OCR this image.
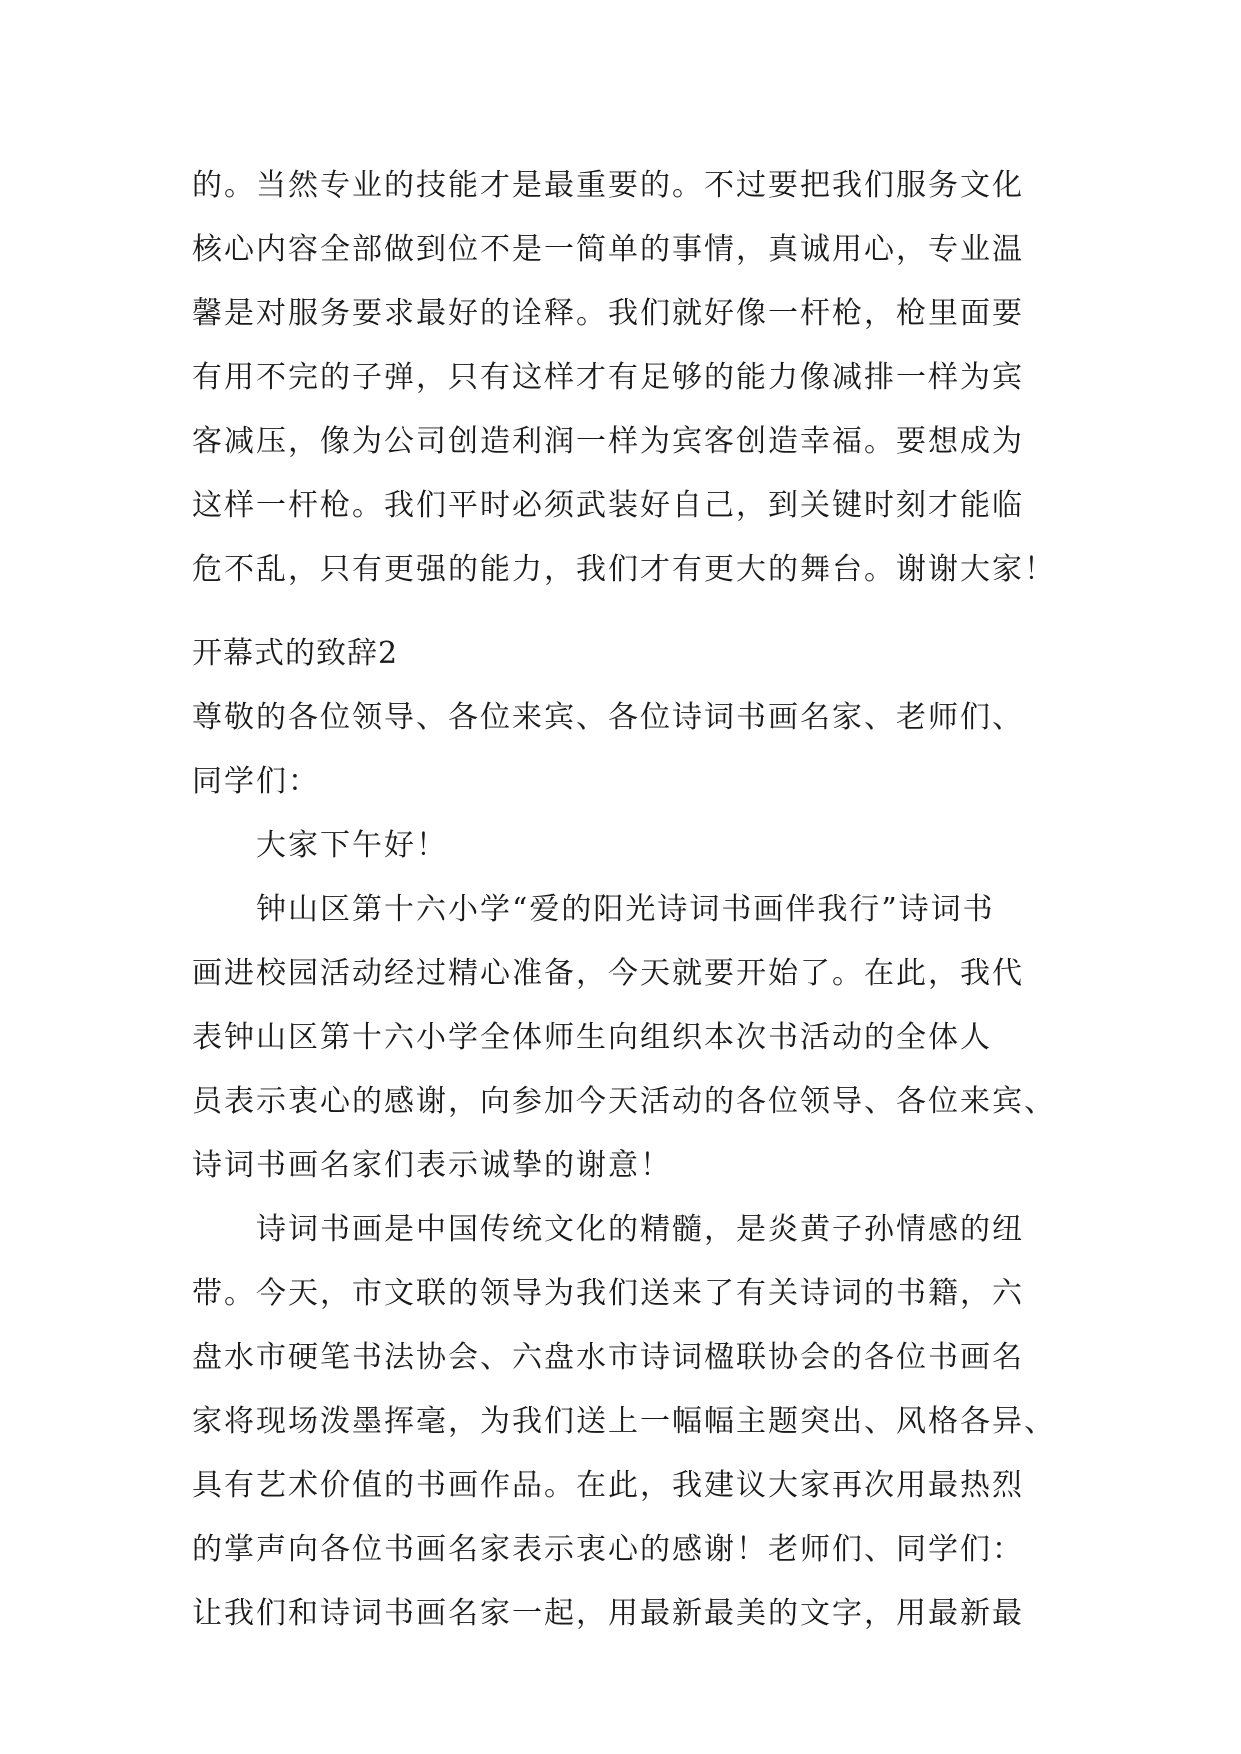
的。当然专业的技能才是最重要的。不过要把我们服务文化
核心内容全部做到位不是一简单的事情，真诚用心，专业温
馨是对服务要求最好的诠释。我们就好像一杆枪，枪里面要
有用不完的子弹，只有这样才有足够的能力像减排一样为宾
客减压，像为公司创造利润一样为宾客创造幸福。要想成为
这样一杆枪。我们平时必须武装好自己，到关键时刻才能临
危不乱，只有更强的能力，我们才有更大的舞台。谢谢大家！
开幕式的致辞2
尊敬的各位领导、各位来宾、各位诗词书画名家、老师们、
同学们：
大家下午好！
钟山区第十六小学“爱的阳光诗词书画伴我行”诗词书
画进校园活动经过精心准备，今天就要开始了。在此，我代
表钟山区第十六小学全体师生向组织本次书活动的全体人
员表示衷心的感谢，向参加今天活动的各位领导、各位来宾、
诗词书画名家们表示诚挚的谢意！
诗词书画是中国传统文化的精髓，是炎黄子孙情感的纽
带。今天，市文联的领导为我们送来了有关诗词的书籍，六
盘水市硬笔书法协会、六盘水市诗词楹联协会的各位书画名
家将现场泼墨挥毫，为我们送上一幅幅主题突出、风格各异、
具有艺术价值的书画作品。在此，我建议大家再次用最热烈
的掌声向各位书画名家表示衷心的感谢！老师们、同学们：
让我们和诗词书画名家一起，用最新最美的文字，用最新最
